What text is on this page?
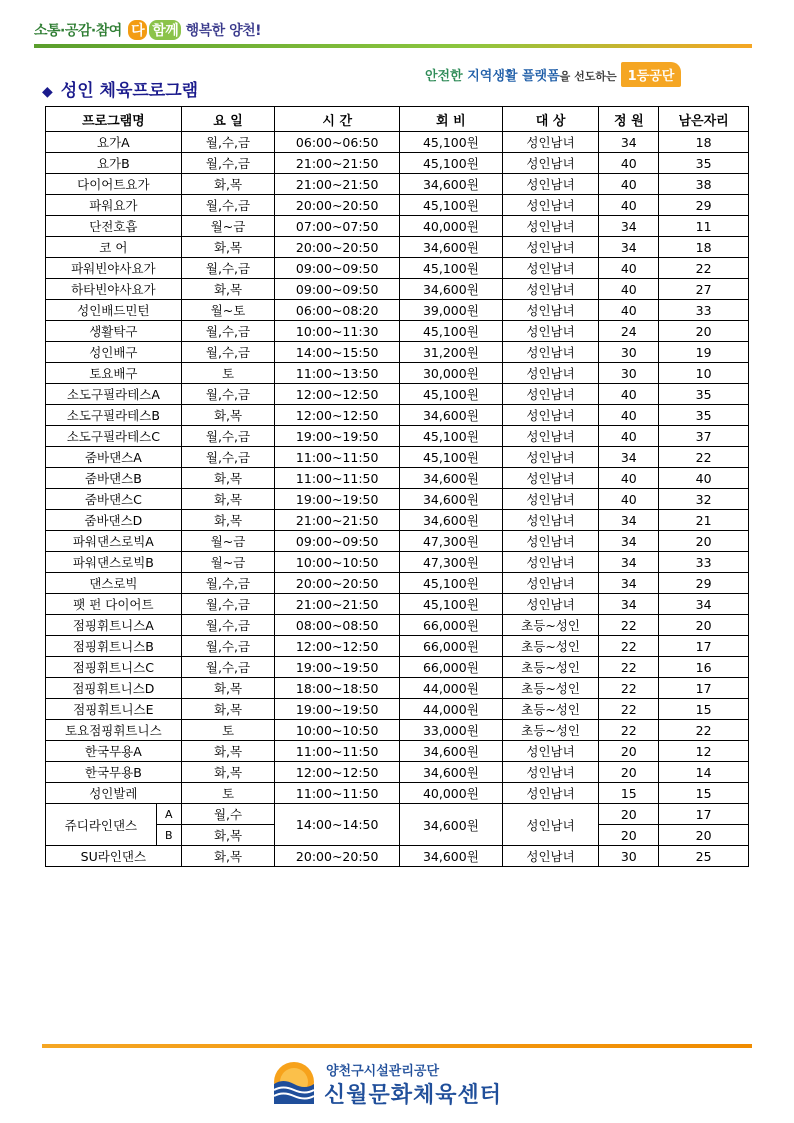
소통·공감·참여 다 함께 행복한 양천!
안전한 지역생활 플랫폼을 선도하는 1등공단
◆ 성인 체육프로그램
프로그램명		요 일	시 간	회 비	대 상	정 원	남은자리
요가A		월,수,금	06:00~06:50	45,100원	성인남녀	34	18
요가B		월,수,금	21:00~21:50	45,100원	성인남녀	40	35
다이어트요가		화,목	21:00~21:50	34,600원	성인남녀	40	38
파워요가		월,수,금	20:00~20:50	45,100원	성인남녀	40	29
단전호흡		월~금	07:00~07:50	40,000원	성인남녀	34	11
코 어		화,목	20:00~20:50	34,600원	성인남녀	34	18
파워빈야사요가		월,수,금	09:00~09:50	45,100원	성인남녀	40	22
하타빈야사요가		화,목	09:00~09:50	34,600원	성인남녀	40	27
성인배드민턴		월~토	06:00~08:20	39,000원	성인남녀	40	33
생활탁구		월,수,금	10:00~11:30	45,100원	성인남녀	24	20
성인배구		월,수,금	14:00~15:50	31,200원	성인남녀	30	19
토요배구		토	11:00~13:50	30,000원	성인남녀	30	10
소도구필라테스A		월,수,금	12:00~12:50	45,100원	성인남녀	40	35
소도구필라테스B		화,목	12:00~12:50	34,600원	성인남녀	40	35
소도구필라테스C		월,수,금	19:00~19:50	45,100원	성인남녀	40	37
줌바댄스A		월,수,금	11:00~11:50	45,100원	성인남녀	34	22
줌바댄스B		화,목	11:00~11:50	34,600원	성인남녀	40	40
줌바댄스C		화,목	19:00~19:50	34,600원	성인남녀	40	32
줌바댄스D		화,목	21:00~21:50	34,600원	성인남녀	34	21
파워댄스로빅A		월~금	09:00~09:50	47,300원	성인남녀	34	20
파워댄스로빅B		월~금	10:00~10:50	47,300원	성인남녀	34	33
댄스로빅		월,수,금	20:00~20:50	45,100원	성인남녀	34	29
팻 펀 다이어트		월,수,금	21:00~21:50	45,100원	성인남녀	34	34
점핑휘트니스A		월,수,금	08:00~08:50	66,000원	초등~성인	22	20
점핑휘트니스B		월,수,금	12:00~12:50	66,000원	초등~성인	22	17
점핑휘트니스C		월,수,금	19:00~19:50	66,000원	초등~성인	22	16
점핑휘트니스D		화,목	18:00~18:50	44,000원	초등~성인	22	17
점핑휘트니스E		화,목	19:00~19:50	44,000원	초등~성인	22	15
토요점핑휘트니스		토	10:00~10:50	33,000원	초등~성인	22	22
한국무용A		화,목	11:00~11:50	34,600원	성인남녀	20	12
한국무용B		화,목	12:00~12:50	34,600원	성인남녀	20	14
성인발레		토	11:00~11:50	40,000원	성인남녀	15	15
쥬디라인댄스	A	월,수	14:00~14:50	34,600원	성인남녀	20	17
	B	화,목				20	20
SU라인댄스		화,목	20:00~20:50	34,600원	성인남녀	30	25
양천구시설관리공단
신월문화체육센터
